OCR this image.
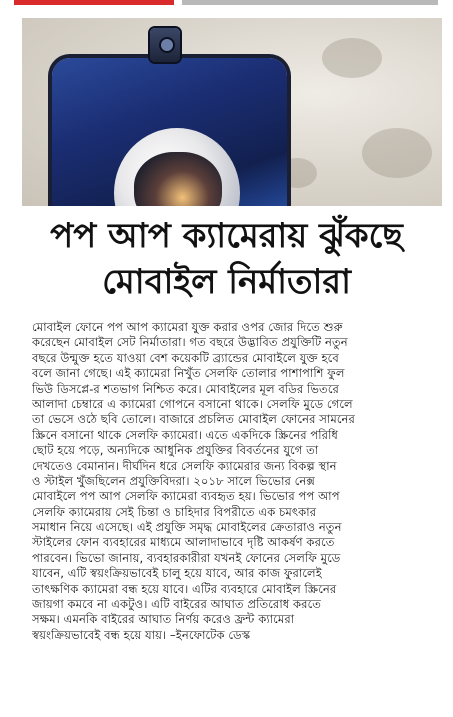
পপ আপ ক্যামেরায় ঝুঁকছে
মোবাইল নির্মাতারা
মোবাইল ফোনে পপ আপ ক্যামেরা যুক্ত করার ওপর জোর দিতে শুরু
করেছেন মোবাইল সেট নির্মাতারা। গত বছরে উদ্ভাবিত প্রযুক্তিটি নতুন
বছরে উন্মুক্ত হতে যাওয়া বেশ কয়েকটি ব্র্যান্ডের মোবাইলে যুক্ত হবে
বলে জানা গেছে। এই ক্যামেরা নিখুঁত সেলফি তোলার পাশাপাশি ফুল
ভিউ ডিসপ্লে-র শতভাগ নিশ্চিত করে। মোবাইলের মূল বডির ভিতরে
আলাদা চেম্বারে এ ক্যামেরা গোপনে বসানো থাকে। সেলফি মুডে গেলে
তা ভেসে ওঠে ছবি তোলে। বাজারে প্রচলিত মোবাইল ফোনের সামনের
স্ক্রিনে বসানো থাকে সেলফি ক্যামেরা। এতে একদিকে স্ক্রিনের পরিধি
ছোট হয়ে পড়ে, অন্যদিকে আধুনিক প্রযুক্তির বিবর্তনের যুগে তা
দেখতেও বেমানান। দীর্ঘদিন ধরে সেলফি ক্যামেরার জন্য বিকল্প স্থান
ও স্টাইল খুঁজছিলেন প্রযুক্তিবিদরা। ২০১৮ সালে ভিভোর নেক্স
মোবাইলে পপ আপ সেলফি ক্যামেরা ব্যবহৃত হয়। ভিভোর পপ আপ
সেলফি ক্যামেরায় সেই চিন্তা ও চাহিদার বিপরীতে এক চমৎকার
সমাধান নিয়ে এসেছে। এই প্রযুক্তি সমৃদ্ধ মোবাইলের ক্রেতারাও নতুন
স্টাইলের ফোন ব্যবহারের মাধ্যমে আলাদাভাবে দৃষ্টি আকর্ষণ করতে
পারবেন। ভিভো জানায়, ব্যবহারকারীরা যখনই ফোনের সেলফি মুডে
যাবেন, এটি স্বয়ংক্রিয়ভাবেই চালু হয়ে যাবে, আর কাজ ফুরালেই
তাৎক্ষণিক ক্যামেরা বন্ধ হয়ে যাবে। এটির ব্যবহারে মোবাইল স্ক্রিনের
জায়গা কমবে না একটুও। এটি বাইরের আঘাত প্রতিরোধ করতে
সক্ষম। এমনকি বাইরের আঘাত নির্ণয় করেও ফ্রন্ট ক্যামেরা
স্বয়ংক্রিয়ভাবেই বন্ধ হয়ে যায়। –ইনফোটেক ডেস্ক
